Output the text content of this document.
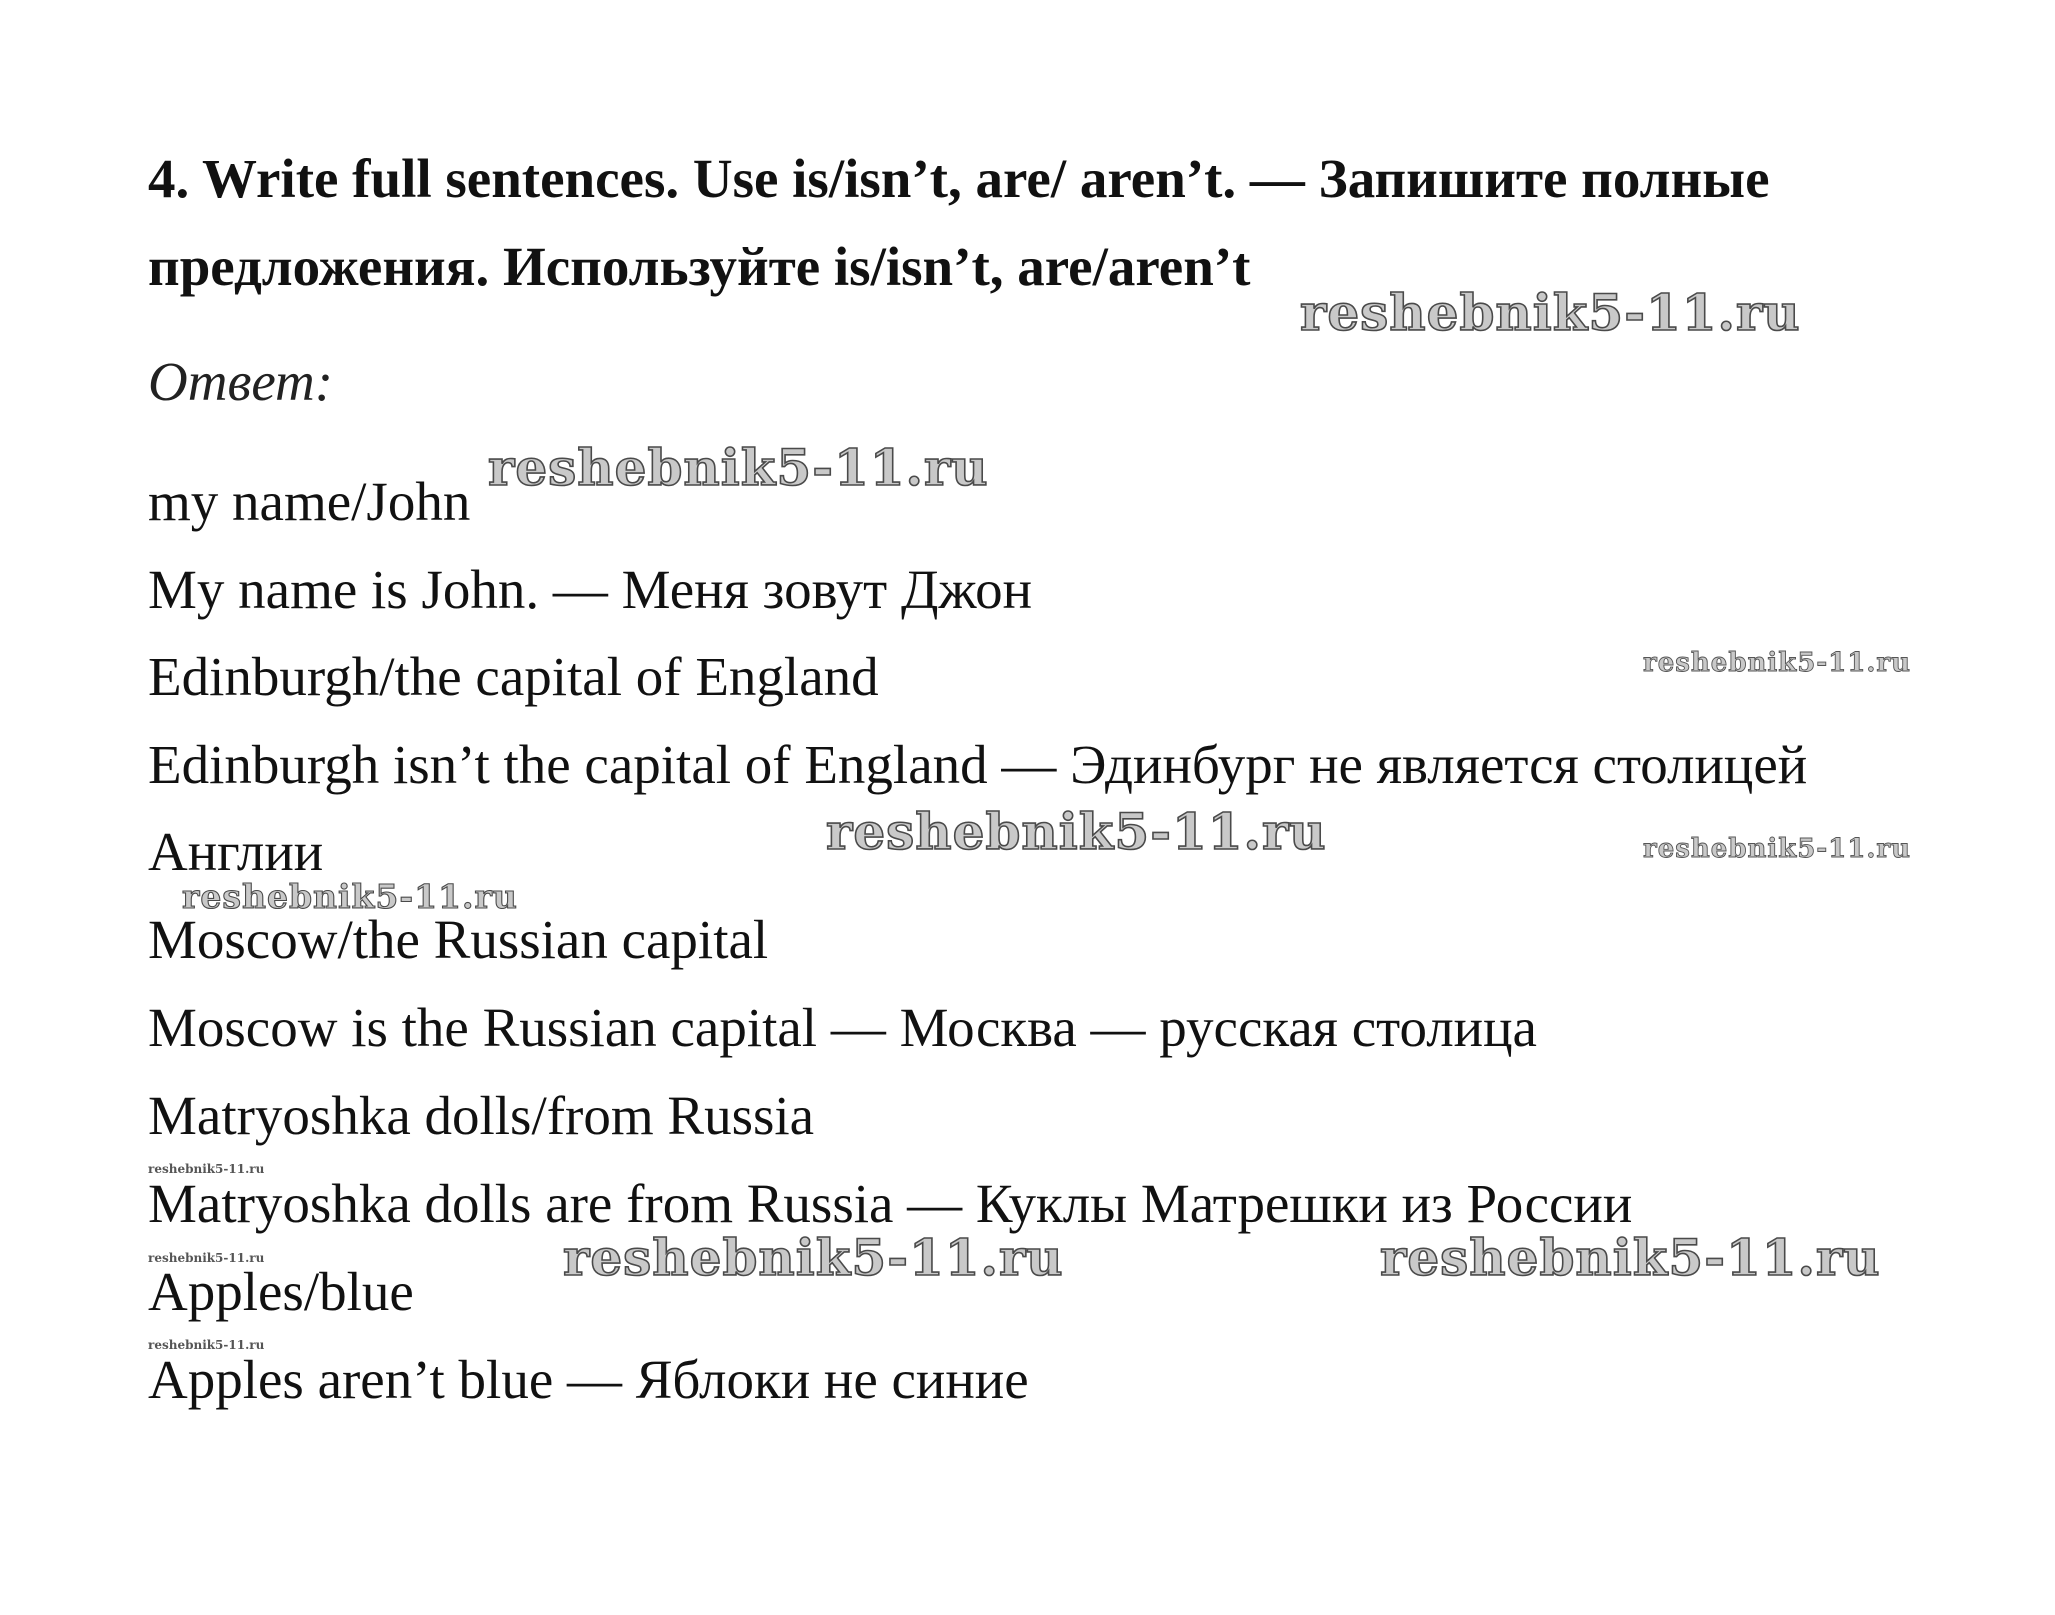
4. Write full sentences. Use is/isn’t, are/ aren’t. — Запишите полные предложения. Используйте is/isn’t, are/aren’t
reshebnik5-11.ru

Ответ:

reshebnik5-11.ru

my name/John

My name is John. — Меня зовут Джон

Edinburgh/the capital of England	reshebnik5-11.ru

Edinburgh isn’t the capital of England — Эдинбург не является столицей

Англии	reshebnik5-11.ru	reshebnik5-11.ru
reshebnik5-11.ru

Moscow/the Russian capital

Moscow is the Russian capital — Москва — русская столица

Matryoshka dolls/from Russia

reshebnik5-11.ru

Matryoshka dolls are from Russia — Куклы Матрешки из России

reshebnik5-11.ru	reshebnik5-11.ru	reshebnik5-11.ru

Apples/blue

reshebnik5-11.ru

Apples aren’t blue — Яблоки не синие
